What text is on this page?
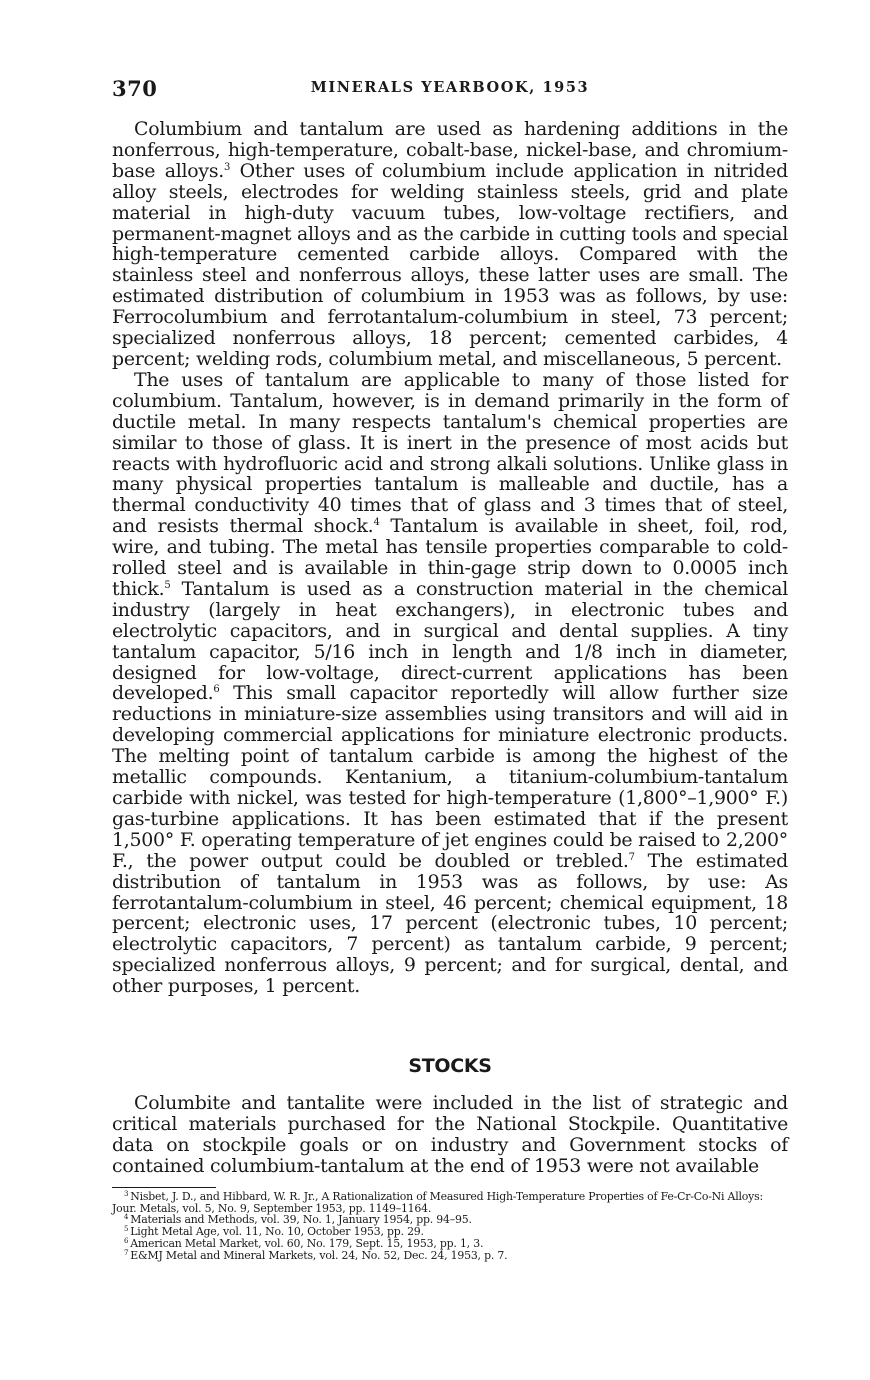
370	MINERALS YEARBOOK, 1953

Columbium and tantalum are used as hardening additions in the nonferrous, high-temperature, cobalt-base, nickel-base, and chromium-base alloys.$^3$ Other uses of columbium include application in nitrided alloy steels, electrodes for welding stainless steels, grid and plate material in high-duty vacuum tubes, low-voltage rectifiers, and permanent-magnet alloys and as the carbide in cutting tools and special high-temperature cemented carbide alloys. Compared with the stainless steel and nonferrous alloys, these latter uses are small. The estimated distribution of columbium in 1953 was as follows, by use: Ferrocolumbium and ferrotantalum-columbium in steel, 73 percent; specialized nonferrous alloys, 18 percent; cemented carbides, 4 percent; welding rods, columbium metal, and miscellaneous, 5 percent.

The uses of tantalum are applicable to many of those listed for columbium. Tantalum, however, is in demand primarily in the form of ductile metal. In many respects tantalum's chemical properties are similar to those of glass. It is inert in the presence of most acids but reacts with hydrofluoric acid and strong alkali solutions. Unlike glass in many physical properties tantalum is malleable and ductile, has a thermal conductivity 40 times that of glass and 3 times that of steel, and resists thermal shock.$^4$ Tantalum is available in sheet, foil, rod, wire, and tubing. The metal has tensile properties comparable to cold-rolled steel and is available in thin-gage strip down to 0.0005 inch thick.$^5$ Tantalum is used as a construction material in the chemical industry (largely in heat exchangers), in electronic tubes and electrolytic capacitors, and in surgical and dental supplies. A tiny tantalum capacitor, 5/16 inch in length and 1/8 inch in diameter, designed for low-voltage, direct-current applications has been developed.$^6$ This small capacitor reportedly will allow further size reductions in miniature-size assemblies using transitors and will aid in developing commercial applications for miniature electronic products. The melting point of tantalum carbide is among the highest of the metallic compounds. Kentanium, a titanium-columbium-tantalum carbide with nickel, was tested for high-temperature (1,800°–1,900° F.) gas-turbine applications. It has been estimated that if the present 1,500° F. operating temperature of jet engines could be raised to 2,200° F., the power output could be doubled or trebled.$^7$ The estimated distribution of tantalum in 1953 was as follows, by use: As ferrotantalum-columbium in steel, 46 percent; chemical equipment, 18 percent; electronic uses, 17 percent (electronic tubes, 10 percent; electrolytic capacitors, 7 percent) as tantalum carbide, 9 percent; specialized nonferrous alloys, 9 percent; and for surgical, dental, and other purposes, 1 percent.

STOCKS

Columbite and tantalite were included in the list of strategic and critical materials purchased for the National Stockpile. Quantitative data on stockpile goals or on industry and Government stocks of contained columbium-tantalum at the end of 1953 were not available

$^3$ Nisbet, J. D., and Hibbard, W. R. Jr., A Rationalization of Measured High-Temperature Properties of Fe-Cr-Co-Ni Alloys: Jour. Metals, vol. 5, No. 9, September 1953, pp. 1149–1164.

$^4$ Materials and Methods, vol. 39, No. 1, January 1954, pp. 94–95.

$^5$ Light Metal Age, vol. 11, No. 10, October 1953, pp. 29.

$^6$ American Metal Market, vol. 60, No. 179, Sept. 15, 1953, pp. 1, 3.

$^7$ E&MJ Metal and Mineral Markets, vol. 24, No. 52, Dec. 24, 1953, p. 7.
